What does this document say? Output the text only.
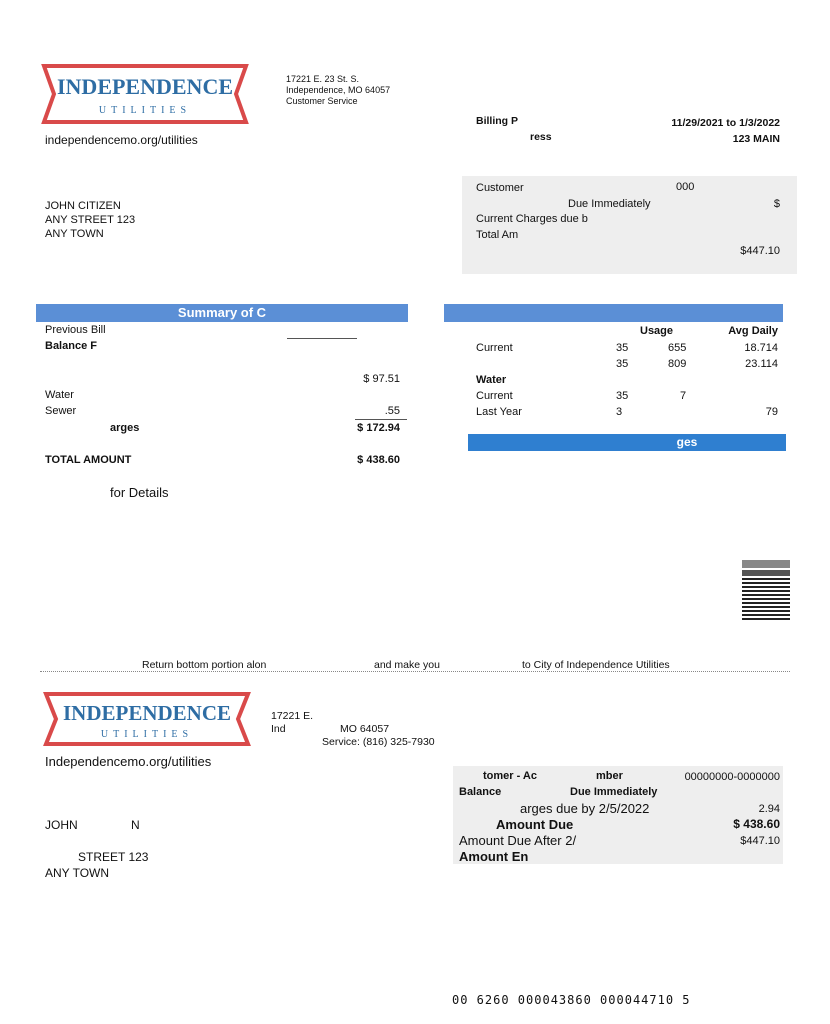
INDEPENDENCE
UTILITIES
17221 E. 23 St. S.
Independence, MO 64057
Customer Service
independencemo.org/utilities
Billing P	11/29/2021 to 1/3/2022
ress	123 MAIN
JOHN CITIZEN
ANY STREET 123
ANY TOWN
Customer	000
Due Immediately	$
Current Charges due b
Total Am
$447.10
Summary of C
Previous Bill
Balance F
$ 97.51
Water
Sewer	.55
arges	$ 172.94
TOTAL AMOUNT	$ 438.60
for Details
Usage	Avg Daily
Current	35	655	18.714
35	809	23.114
Water
Current	35	7
Last Year	3	79
ges
Return bottom portion alon	and make you	to City of Independence Utilities
INDEPENDENCE
UTILITIES
17221 E.
Ind	MO 64057
Service: (816) 325-7930
Independencemo.org/utilities
JOHN	N
STREET 123
ANY TOWN
tomer - Ac	mber	00000000-0000000
Balance	Due Immediately
arges due by 2/5/2022	2.94
Amount Due	$ 438.60
Amount Due After 2/	$447.10
Amount En
00 6260 000043860 000044710 5
